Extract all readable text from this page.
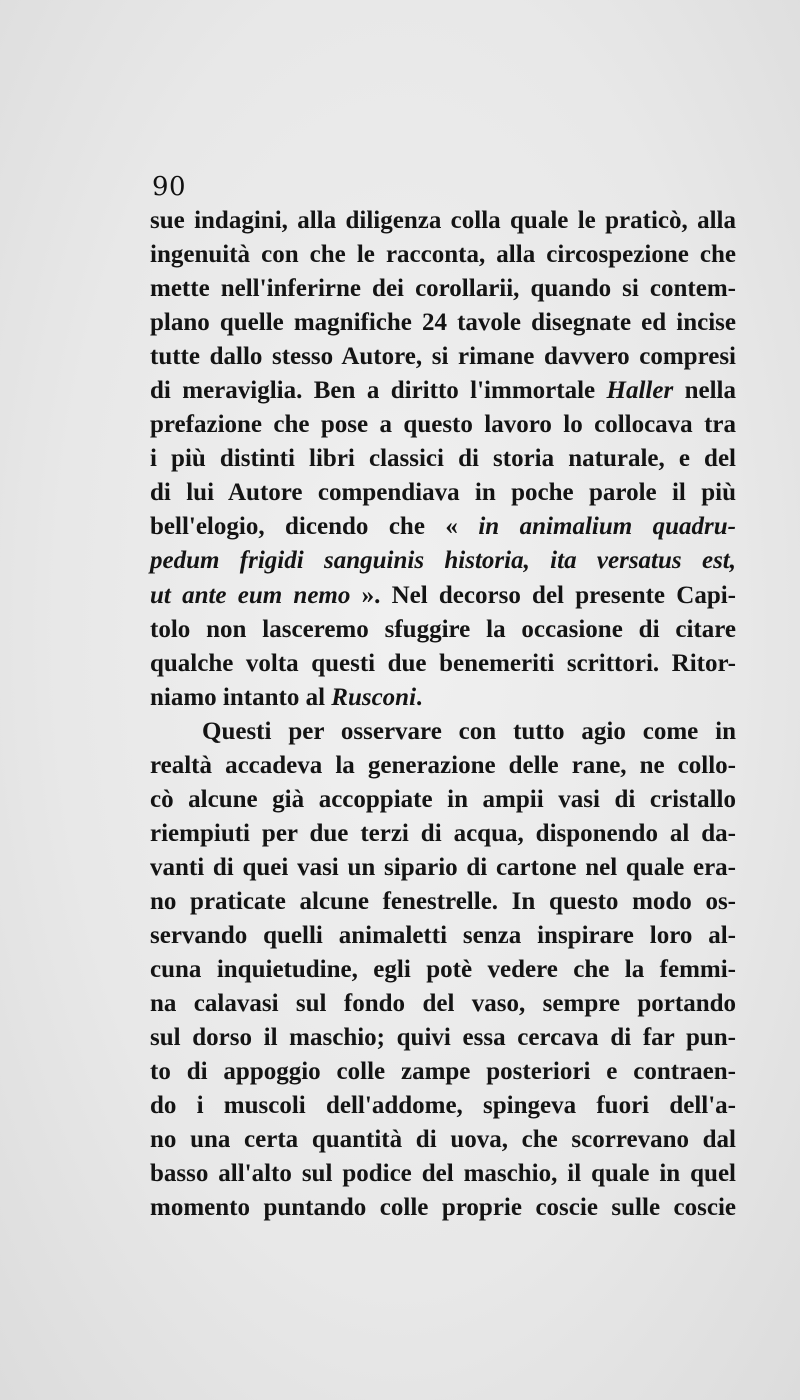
90
sue indagini, alla diligenza colla quale le praticò, alla
ingenuità con che le racconta, alla circospezione che
mette nell'inferirne dei corollarii, quando si contem-
plano quelle magnifiche 24 tavole disegnate ed incise
tutte dallo stesso Autore, si rimane davvero compresi
di meraviglia. Ben a diritto l'immortale Haller nella
prefazione che pose a questo lavoro lo collocava tra
i più distinti libri classici di storia naturale, e del
di lui Autore compendiava in poche parole il più
bell'elogio, dicendo che « in animalium quadru-
pedum frigidi sanguinis historia, ita versatus est,
ut ante eum nemo ». Nel decorso del presente Capi-
tolo non lasceremo sfuggire la occasione di citare
qualche volta questi due benemeriti scrittori. Ritor-
niamo intanto al Rusconi.
Questi per osservare con tutto agio come in
realtà accadeva la generazione delle rane, ne collo-
cò alcune già accoppiate in ampii vasi di cristallo
riempiuti per due terzi di acqua, disponendo al da-
vanti di quei vasi un sipario di cartone nel quale era-
no praticate alcune fenestrelle. In questo modo os-
servando quelli animaletti senza inspirare loro al-
cuna inquietudine, egli potè vedere che la femmi-
na calavasi sul fondo del vaso, sempre portando
sul dorso il maschio; quivi essa cercava di far pun-
to di appoggio colle zampe posteriori e contraen-
do i muscoli dell'addome, spingeva fuori dell'a-
no una certa quantità di uova, che scorrevano dal
basso all'alto sul podice del maschio, il quale in quel
momento puntando colle proprie coscie sulle coscie
